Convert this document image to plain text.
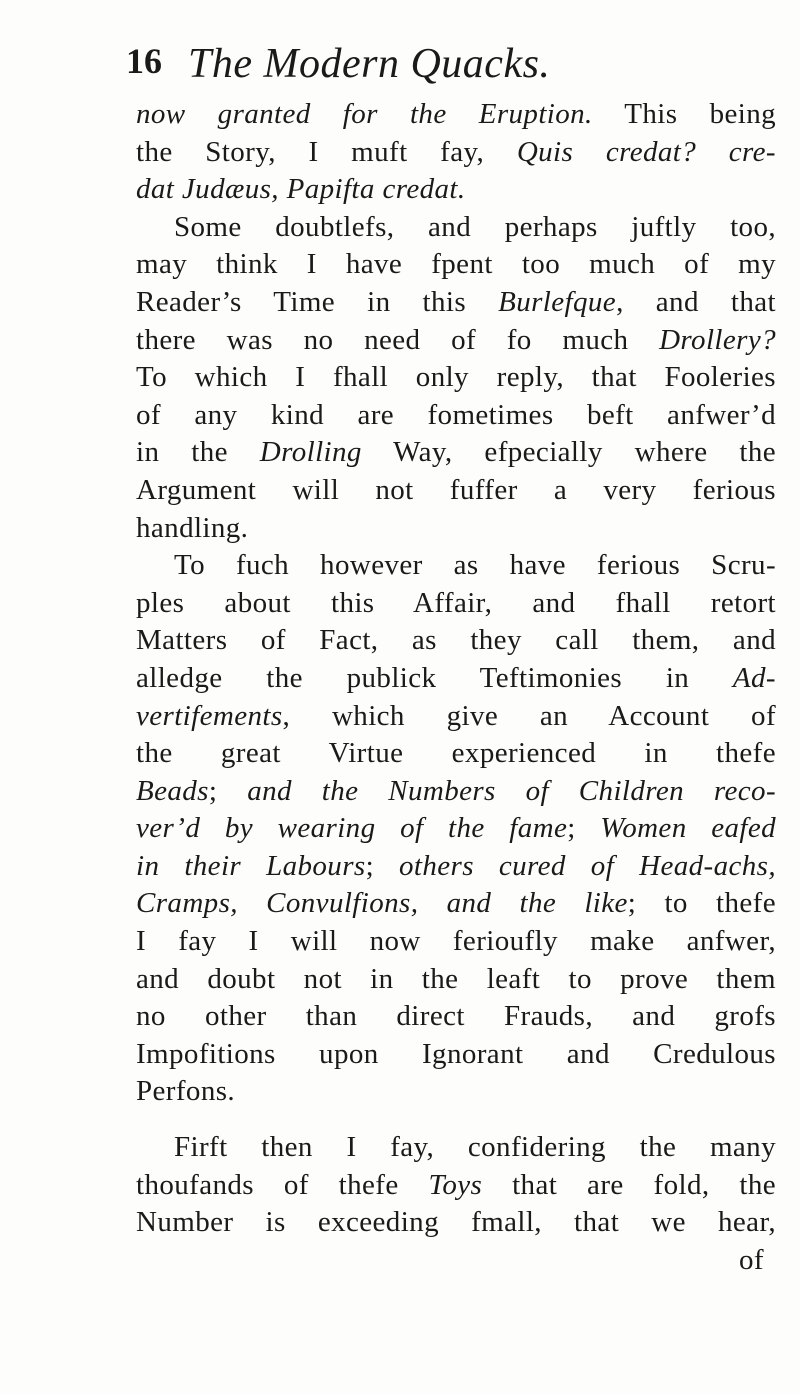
16 The Modern Quacks.
now granted for the Eruption. This being
the Story, I muft fay, Quis credat? cre-
dat Judæus, Papifta credat.
Some doubtlefs, and perhaps juftly too,
may think I have fpent too much of my
Reader’s Time in this Burlefque, and that
there was no need of fo much Drollery?
To which I fhall only reply, that Fooleries
of any kind are fometimes beft anfwer’d
in the Drolling Way, efpecially where the
Argument will not fuffer a very ferious
handling.
To fuch however as have ferious Scru-
ples about this Affair, and fhall retort
Matters of Fact, as they call them, and
alledge the publick Teftimonies in Ad-
vertifements, which give an Account of
the great Virtue experienced in thefe
Beads; and the Numbers of Children reco-
ver’d by wearing of the fame; Women eafed
in their Labours; others cured of Head-achs,
Cramps, Convulfions, and the like; to thefe
I fay I will now ferioufly make anfwer,
and doubt not in the leaft to prove them
no other than direct Frauds, and grofs
Impofitions upon Ignorant and Credulous
Perfons.
Firft then I fay, confidering the many
thoufands of thefe Toys that are fold, the
Number is exceeding fmall, that we hear,
of
